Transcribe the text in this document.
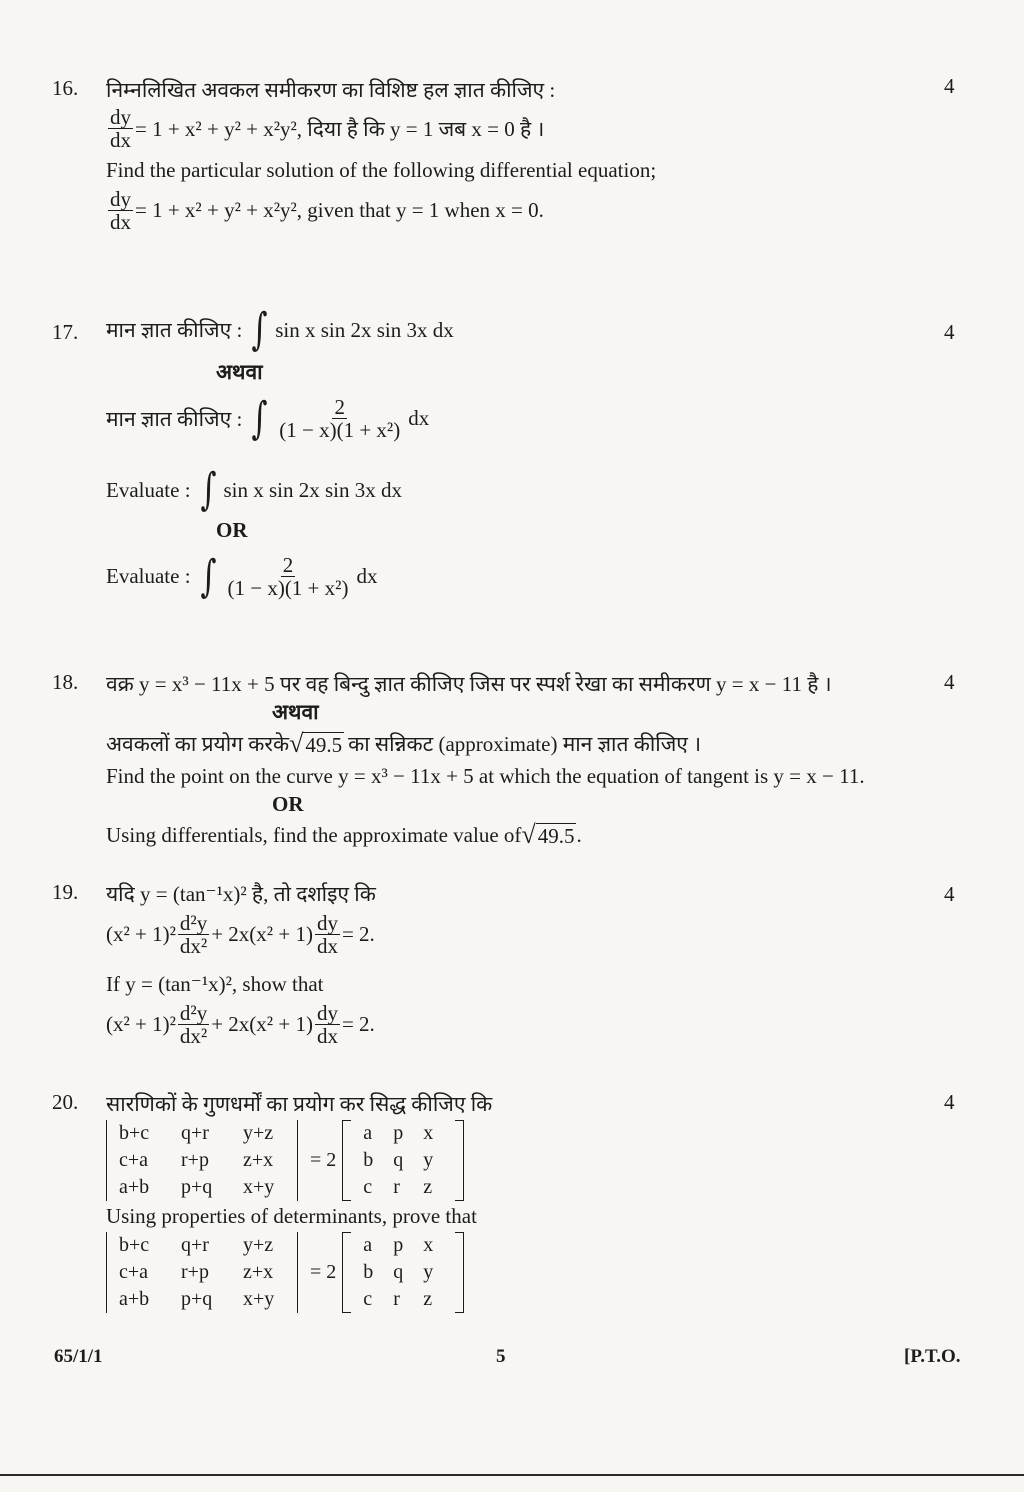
16.	4
निम्नलिखित अवकल समीकरण का विशिष्ट हल ज्ञात कीजिए :
$\frac{dy}{dx} = 1 + x^2 + y^2 + x^2y^2$, दिया है कि y = 1 जब x = 0 है ।
Find the particular solution of the following differential equation;
$\frac{dy}{dx} = 1 + x^2 + y^2 + x^2y^2$, given that y = 1 when x = 0.
17.	4
मान ज्ञात कीजिए : ∫ sin x sin 2x sin 3x dx
अथवा
मान ज्ञात कीजिए : ∫ $\frac{2}{\text{(1 − x)(1 + x²)}}$ dx
Evaluate : ∫ sin x sin 2x sin 3x dx
OR
Evaluate : ∫ $\frac{2}{\text{(1 − x)(1 + x²)}}$ dx
18.	4
वक्र y = x³ − 11x + 5 पर वह बिन्दु ज्ञात कीजिए जिस पर स्पर्श रेखा का समीकरण y = x − 11 है ।
अथवा
अवकलों का प्रयोग करके √ 49.5 का सन्निकट (approximate) मान ज्ञात कीजिए ।
Find the point on the curve y = x³ − 11x + 5 at which the equation of tangent is y = x − 11.
OR
Using differentials, find the approximate value of √ 49.5 .
19.	4
यदि y = (tan⁻¹x)² है, तो दर्शाइए कि
$(x^2 + 1)^2 \frac{\text{d²y}}{\text{dx²}} + 2x(x^2 + 1) \frac{dy}{dx} = 2$.
If y = (tan⁻¹x)², show that
$(x^2 + 1)^2 \frac{\text{d²y}}{\text{dx²}} + 2x(x^2 + 1) \frac{dy}{dx} = 2$.
20.	4
सारणिकों के गुणधर्मों का प्रयोग कर सिद्ध कीजिए कि
b+c	q+r	y+z
c+a	r+p	z+x
a+b	p+q	x+y
= 2
a	p	x
b	q	y
c	r	z
Using properties of determinants, prove that
b+c	q+r	y+z
c+a	r+p	z+x
a+b	p+q	x+y
= 2
a	p	x
b	q	y
c	r	z
65/1/1	5	[P.T.O.
